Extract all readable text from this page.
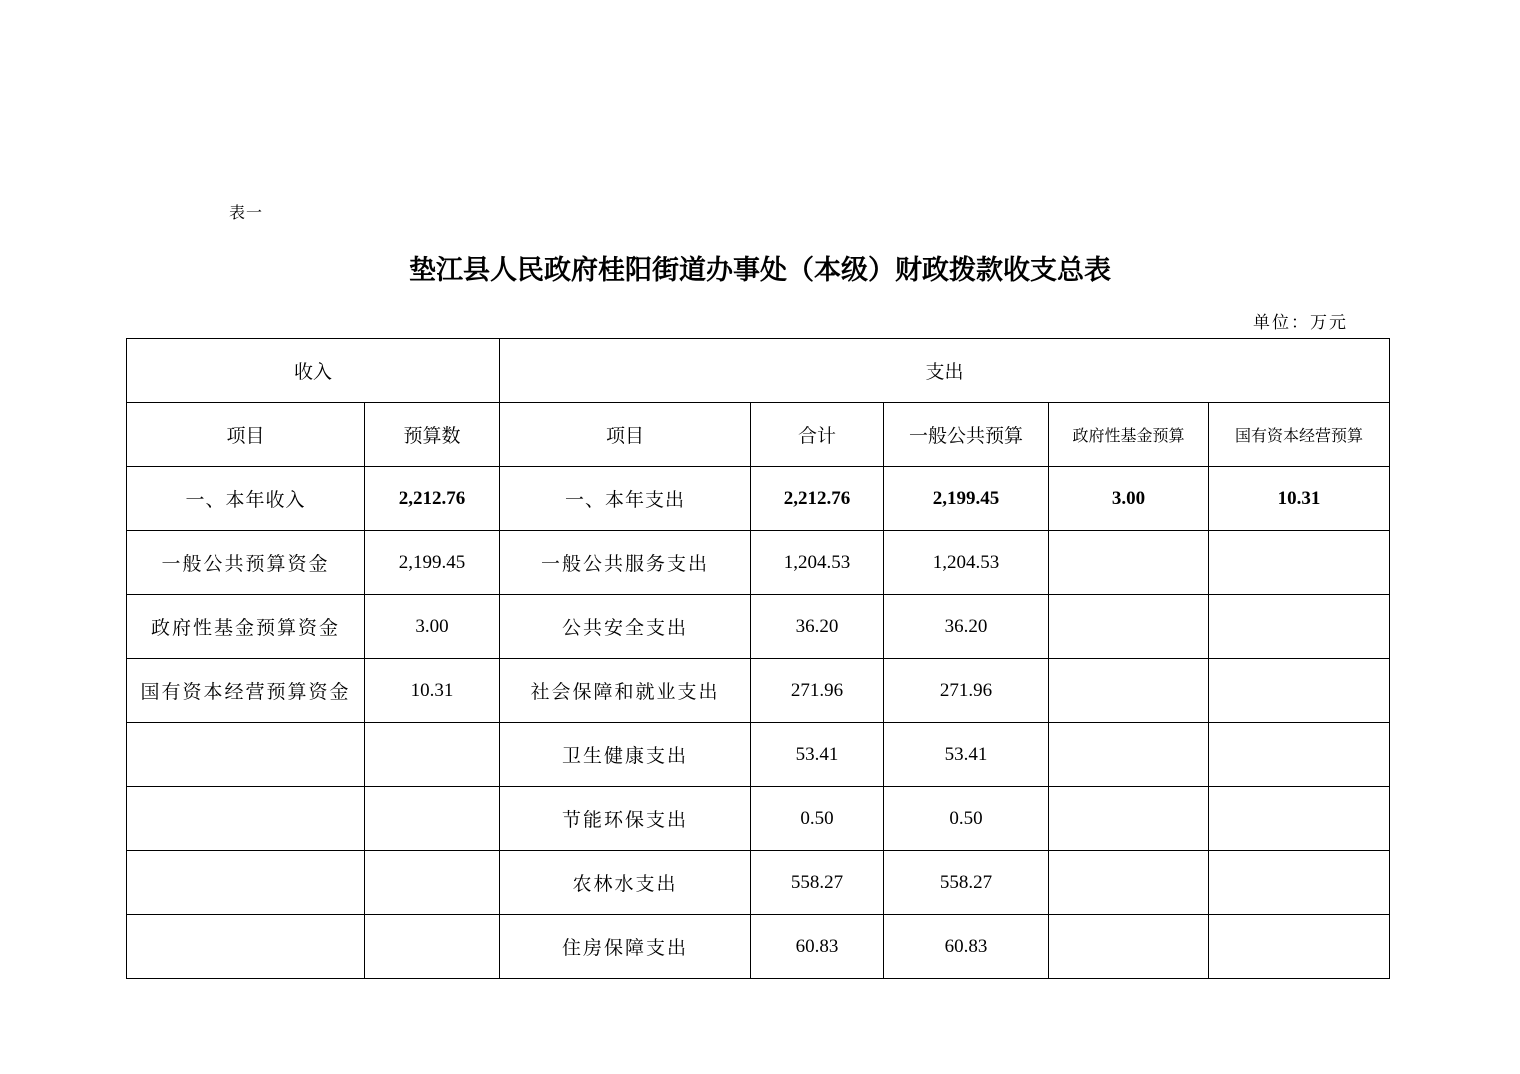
表一
垫江县人民政府桂阳街道办事处（本级）财政拨款收支总表
单位：万元
收入		支出				
项目	预算数	项目	合计	一般公共预算	政府性基金预算	国有资本经营预算
一、本年收入	2,212.76	一、本年支出	2,212.76	2,199.45	3.00	10.31
一般公共预算资金	2,199.45	一般公共服务支出	1,204.53	1,204.53		
政府性基金预算资金	3.00	公共安全支出	36.20	36.20		
国有资本经营预算资金	10.31	社会保障和就业支出	271.96	271.96		
		卫生健康支出	53.41	53.41		
		节能环保支出	0.50	0.50		
		农林水支出	558.27	558.27		
		住房保障支出	60.83	60.83		
